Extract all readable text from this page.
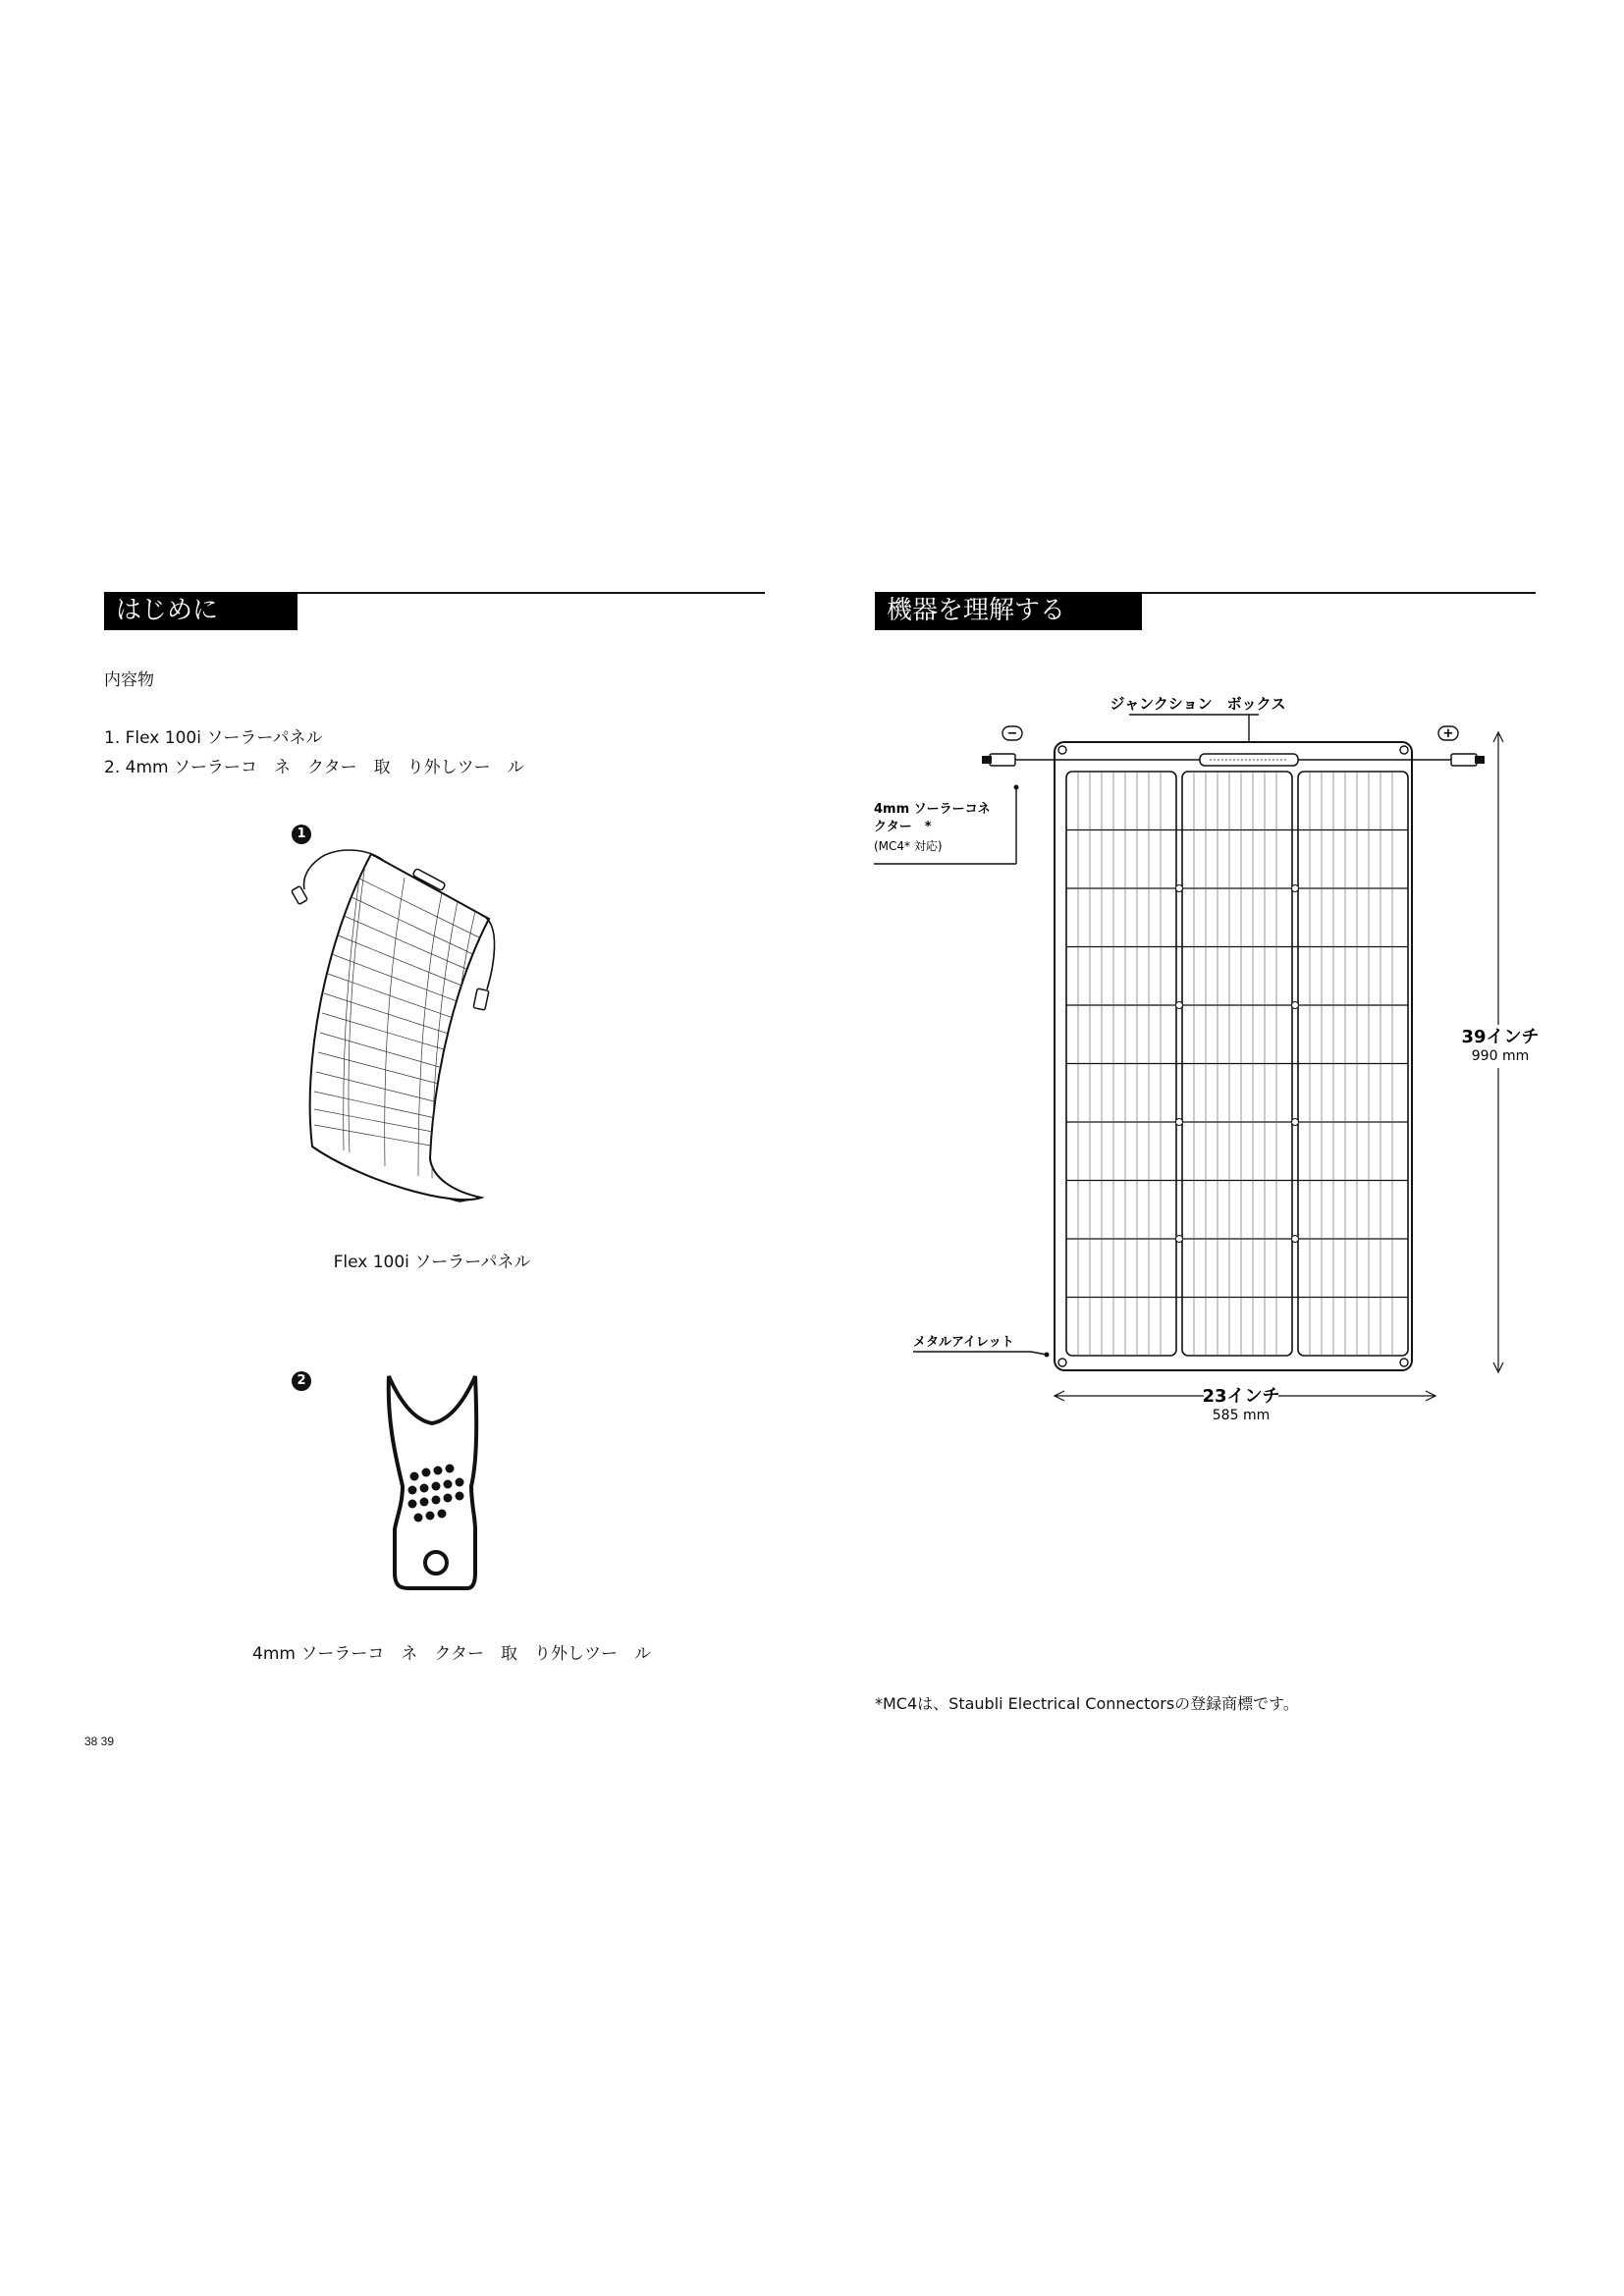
はじめに
内容物
1. Flex 100i ソーラーパネル
2. 4mm ソーラーコ　ネ　クター　取　り外しツー　ル
1
Flex 100i ソーラーパネル
2
4mm ソーラーコ　ネ　クター　取　り外しツー　ル
38 39
機器を理解する
ジャンクション　ボックス
−	+
4mm ソーラーコネ
クター　*
(MC4* 対応)
メタルアイレット
39インチ
990 mm
23インチ
585 mm
*MC4は、Staubli Electrical Connectorsの登録商標です。
